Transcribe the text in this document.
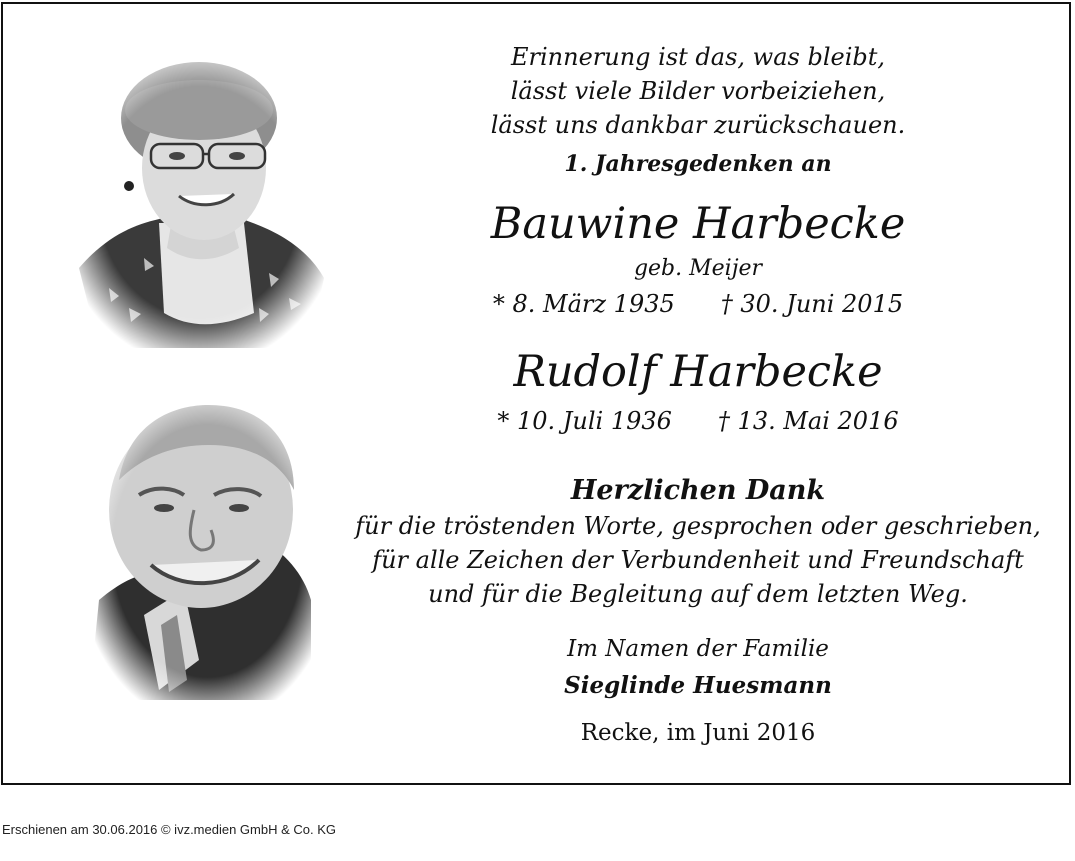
Erinnerung ist das, was bleibt,
lässt viele Bilder vorbeiziehen,
lässt uns dankbar zurückschauen.
1. Jahresgedenken an
Bauwine Harbecke
geb. Meijer
* 8. März 1935 † 30. Juni 2015
Rudolf Harbecke
* 10. Juli 1936 † 13. Mai 2016
Herzlichen Dank
für die tröstenden Worte, gesprochen oder geschrieben,
für alle Zeichen der Verbundenheit und Freundschaft
und für die Begleitung auf dem letzten Weg.
Im Namen der Familie
Sieglinde Huesmann
Recke, im Juni 2016
Erschienen am 30.06.2016 © ivz.medien GmbH & Co. KG
